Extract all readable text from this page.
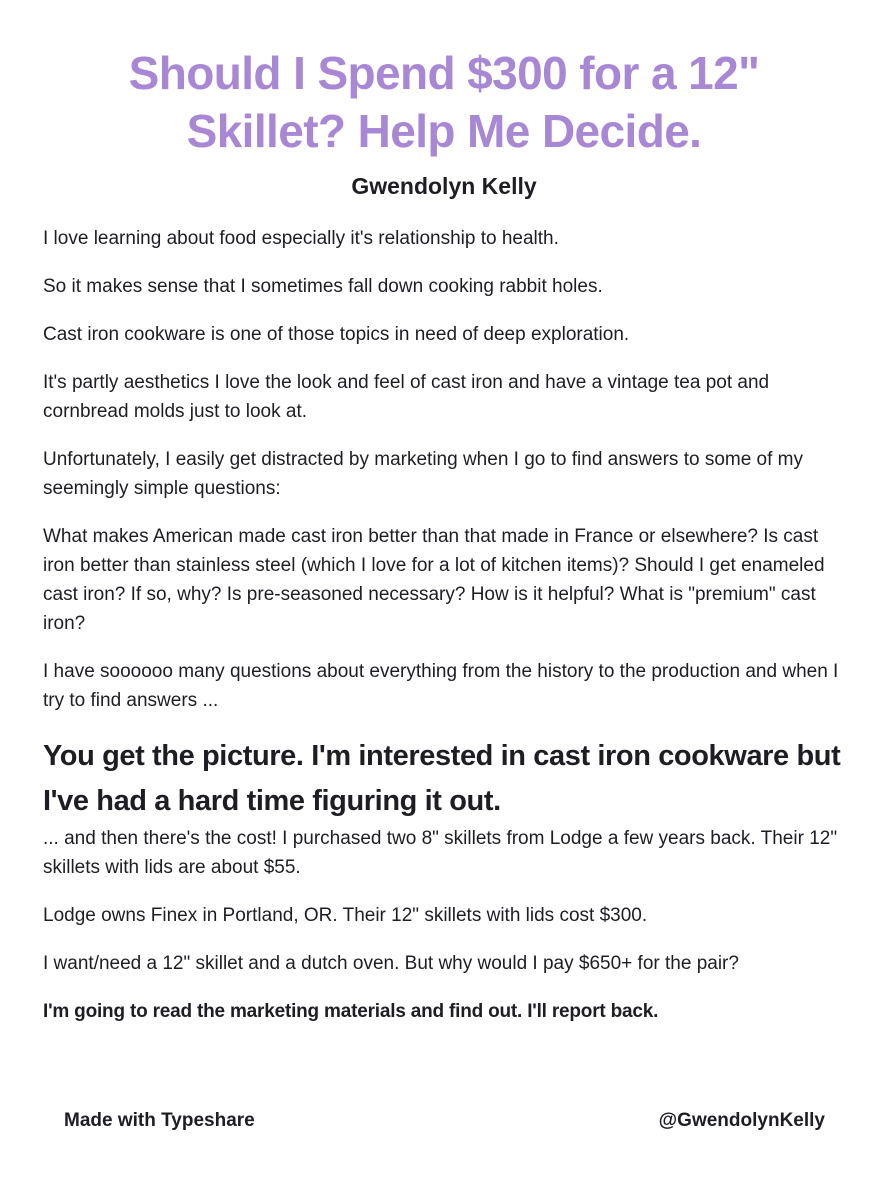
Should I Spend $300 for a 12" Skillet? Help Me Decide.
Gwendolyn Kelly

I love learning about food especially it's relationship to health.

So it makes sense that I sometimes fall down cooking rabbit holes.

Cast iron cookware is one of those topics in need of deep exploration.

It's partly aesthetics I love the look and feel of cast iron and have a vintage tea pot and cornbread molds just to look at.

Unfortunately, I easily get distracted by marketing when I go to find answers to some of my seemingly simple questions:

What makes American made cast iron better than that made in France or elsewhere? Is cast iron better than stainless steel (which I love for a lot of kitchen items)? Should I get enameled cast iron? If so, why? Is pre-seasoned necessary? How is it helpful? What is "premium" cast iron?

I have soooooo many questions about everything from the history to the production and when I try to find answers ...

You get the picture. I'm interested in cast iron cookware but I've had a hard time figuring it out.

... and then there's the cost! I purchased two 8" skillets from Lodge a few years back. Their 12" skillets with lids are about $55.

Lodge owns Finex in Portland, OR. Their 12" skillets with lids cost $300.

I want/need a 12" skillet and a dutch oven. But why would I pay $650+ for the pair?

I'm going to read the marketing materials and find out. I'll report back.

Made with Typeshare	@GwendolynKelly
